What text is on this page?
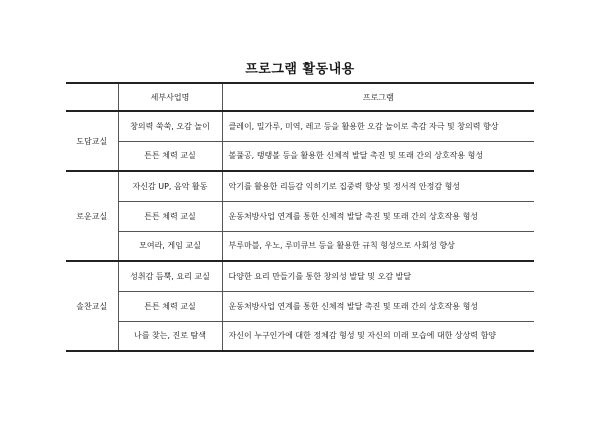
프로그램 활동내용
	세부사업명	프로그램
도담교실	창의력 쑥쑥, 오감 놀이	클레이, 밀가루, 미역, 레고 등을 활용한 오감 놀이로 촉감 자극 및 창의력 향상
	튼튼 체력 교실	볼풀공, 탱탱볼 등을 활용한 신체적 발달 촉진 및 또래 간의 상호작용 형성
로운교실	자신감 UP, 음악 활동	악기를 활용한 리듬감 익히기로 집중력 향상 및 정서적 안정감 형성
	튼튼 체력 교실	운동처방사업 연계를 통한 신체적 발달 촉진 및 또래 간의 상호작용 형성
	모여라, 게임 교실	부루마블, 우노, 루미큐브 등을 활용한 규칙 형성으로 사회성 향상
솔찬교실	성취감 듬뿍, 요리 교실	다양한 요리 만들기를 통한 창의성 발달 및 오감 발달
	튼튼 체력 교실	운동처방사업 연계를 통한 신체적 발달 촉진 및 또래 간의 상호작용 형성
	나를 찾는, 진로 탐색	자신이 누구인가에 대한 정체감 형성 및 자신의 미래 모습에 대한 상상력 함양
